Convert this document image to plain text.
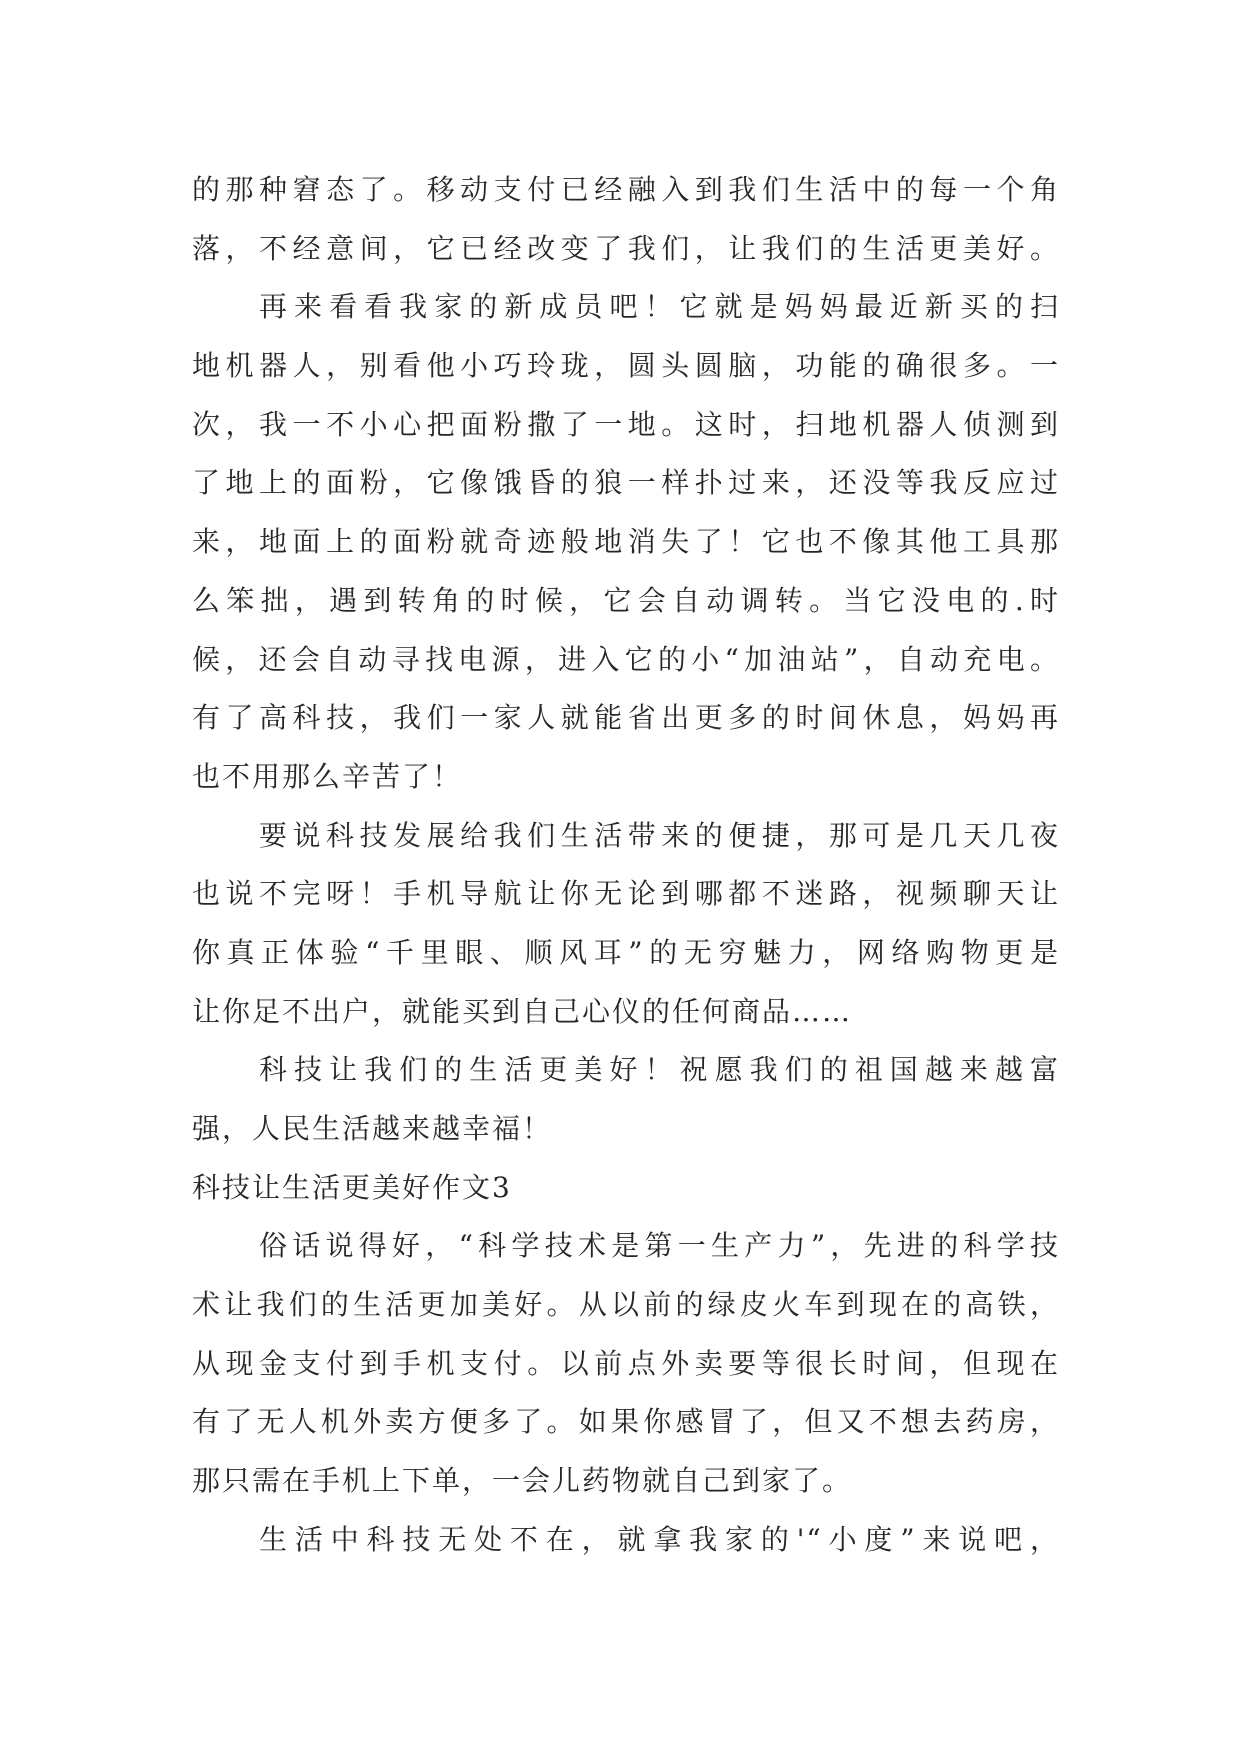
的那种窘态了。移动支付已经融入到我们生活中的每一个角
落，不经意间，它已经改变了我们，让我们的生活更美好。
再来看看我家的新成员吧！它就是妈妈最近新买的扫
地机器人，别看他小巧玲珑，圆头圆脑，功能的确很多。一
次，我一不小心把面粉撒了一地。这时，扫地机器人侦测到
了地上的面粉，它像饿昏的狼一样扑过来，还没等我反应过
来，地面上的面粉就奇迹般地消失了！它也不像其他工具那
么笨拙，遇到转角的时候，它会自动调转。当它没电的.时
候，还会自动寻找电源，进入它的小“加油站”，自动充电。
有了高科技，我们一家人就能省出更多的时间休息，妈妈再
也不用那么辛苦了！
要说科技发展给我们生活带来的便捷，那可是几天几夜
也说不完呀！手机导航让你无论到哪都不迷路，视频聊天让
你真正体验“千里眼、顺风耳”的无穷魅力，网络购物更是
让你足不出户，就能买到自己心仪的任何商品……
科技让我们的生活更美好！祝愿我们的祖国越来越富
强，人民生活越来越幸福！
科技让生活更美好作文3
俗话说得好，“科学技术是第一生产力”，先进的科学技
术让我们的生活更加美好。从以前的绿皮火车到现在的高铁，
从现金支付到手机支付。以前点外卖要等很长时间，但现在
有了无人机外卖方便多了。如果你感冒了，但又不想去药房，
那只需在手机上下单，一会儿药物就自己到家了。
生活中科技无处不在，就拿我家的'“小度”来说吧，
